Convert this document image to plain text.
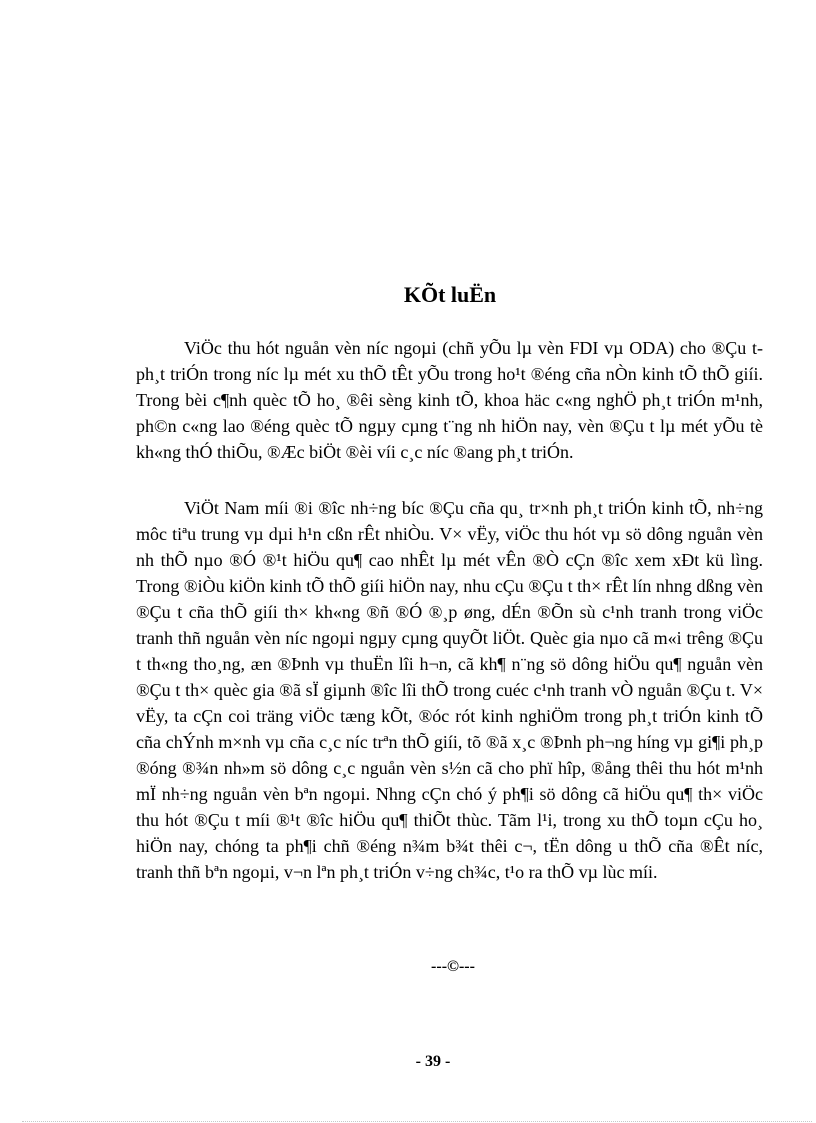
KÕt luËn

ViÖc thu hót nguån vèn níc ngoµi (chñ yÕu lµ vèn FDI vµ ODA) cho ®Çu t ph¸t triÓn trong níc lµ mét xu thÕ tÊt yÕu trong ho¹t ®éng cña nÒn kinh tÕ thÕ giíi. Trong bèi c¶nh quèc tÕ ho¸ ®êi sèng kinh tÕ, khoa häc c«ng nghÖ ph¸t triÓn m¹nh, ph©n c«ng lao ®éng quèc tÕ ngµy cµng t¨ng nh hiÖn nay, vèn ®Çu t lµ mét yÕu tè kh«ng thÓ thiÕu, ®Æc biÖt ®èi víi c¸c níc ®ang ph¸t triÓn.

ViÖt Nam míi ®i ®îc nh÷ng bíc ®Çu cña qu¸ tr×nh ph¸t triÓn kinh tÕ, nh÷ng môc tiªu trung vµ dµi h¹n cßn rÊt nhiÒu. V× vËy, viÖc thu hót vµ sö dông nguån vèn nh thÕ nµo ®Ó ®¹t hiÖu qu¶ cao nhÊt lµ mét vÊn ®Ò cÇn ®îc xem xÐt kü lìng. Trong ®iÒu kiÖn kinh tÕ thÕ giíi hiÖn nay, nhu cÇu ®Çu t th× rÊt lín nhng dßng vèn ®Çu t cña thÕ giíi th× kh«ng ®ñ ®Ó ®¸p øng, dÉn ®Õn sù c¹nh tranh trong viÖc tranh thñ nguån vèn níc ngoµi ngµy cµng quyÕt liÖt. Quèc gia nµo cã m«i trêng ®Çu t th«ng tho¸ng, æn ®Þnh vµ thuËn lîi h¬n, cã kh¶ n¨ng sö dông hiÖu qu¶ nguån vèn ®Çu t th× quèc gia ®ã sÏ giµnh ®îc lîi thÕ trong cuéc c¹nh tranh vÒ nguån ®Çu t. V× vËy, ta cÇn coi träng viÖc tæng kÕt, ®óc rót kinh nghiÖm trong ph¸t triÓn kinh tÕ cña chÝnh m×nh vµ cña c¸c níc trªn thÕ giíi, tõ ®ã x¸c ®Þnh ph¬ng híng vµ gi¶i ph¸p ®óng ®¾n nh»m sö dông c¸c nguån vèn s½n cã cho phï hîp, ®ång thêi thu hót m¹nh mÏ nh÷ng nguån vèn bªn ngoµi. Nhng cÇn chó ý ph¶i sö dông cã hiÖu qu¶ th× viÖc thu hót ®Çu t míi ®¹t ®îc hiÖu qu¶ thiÕt thùc. Tãm l¹i, trong xu thÕ toµn cÇu ho¸ hiÖn nay, chóng ta ph¶i chñ ®éng n¾m b¾t thêi c¬, tËn dông u thÕ cña ®Êt níc, tranh thñ bªn ngoµi, v¬n lªn ph¸t triÓn v÷ng ch¾c, t¹o ra thÕ vµ lùc míi.

---©---

- 39 -
